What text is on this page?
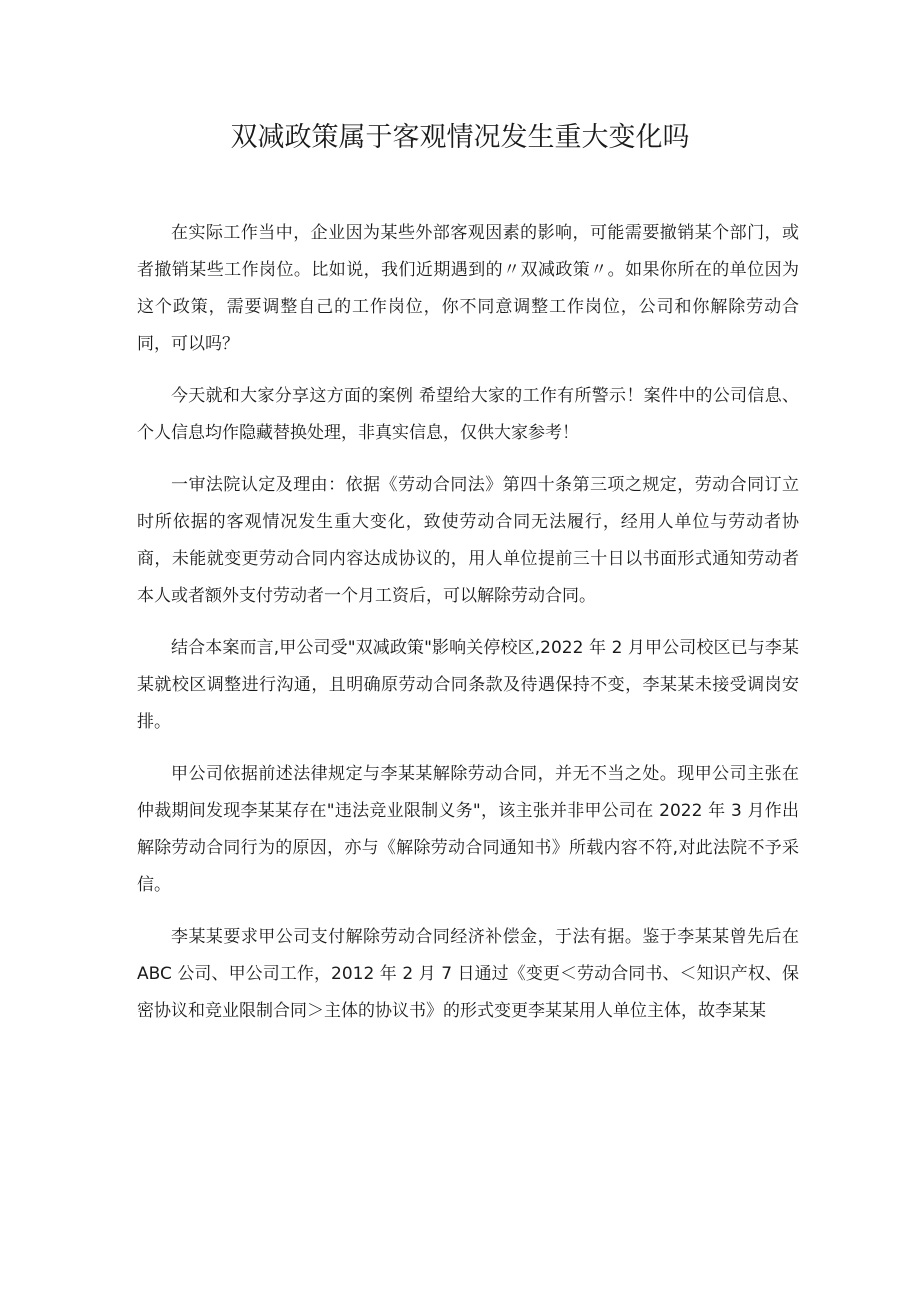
双减政策属于客观情况发生重大变化吗

在实际工作当中，企业因为某些外部客观因素的影响，可能需要撤销某个部门，或者撤销某些工作岗位。比如说，我们近期遇到的〃双减政策〃。如果你所在的单位因为这个政策，需要调整自己的工作岗位，你不同意调整工作岗位，公司和你解除劳动合同，可以吗？

今天就和大家分享这方面的案例 希望给大家的工作有所警示！案件中的公司信息、个人信息均作隐藏替换处理，非真实信息，仅供大家参考！

一审法院认定及理由：依据《劳动合同法》第四十条第三项之规定，劳动合同订立时所依据的客观情况发生重大变化，致使劳动合同无法履行，经用人单位与劳动者协商，未能就变更劳动合同内容达成协议的，用人单位提前三十日以书面形式通知劳动者本人或者额外支付劳动者一个月工资后，可以解除劳动合同。

结合本案而言,甲公司受"双减政策"影响关停校区,2022 年 2 月甲公司校区已与李某某就校区调整进行沟通，且明确原劳动合同条款及待遇保持不变，李某某未接受调岗安排。

甲公司依据前述法律规定与李某某解除劳动合同，并无不当之处。现甲公司主张在仲裁期间发现李某某存在"违法竞业限制义务"，该主张并非甲公司在 2022 年 3 月作出解除劳动合同行为的原因，亦与《解除劳动合同通知书》所载内容不符,对此法院不予采信。

李某某要求甲公司支付解除劳动合同经济补偿金，于法有据。鉴于李某某曾先后在 ABC 公司、甲公司工作，2012 年 2 月 7 日通过《变更＜劳动合同书、＜知识产权、保密协议和竞业限制合同＞主体的协议书》的形式变更李某某用人单位主体，故李某某
